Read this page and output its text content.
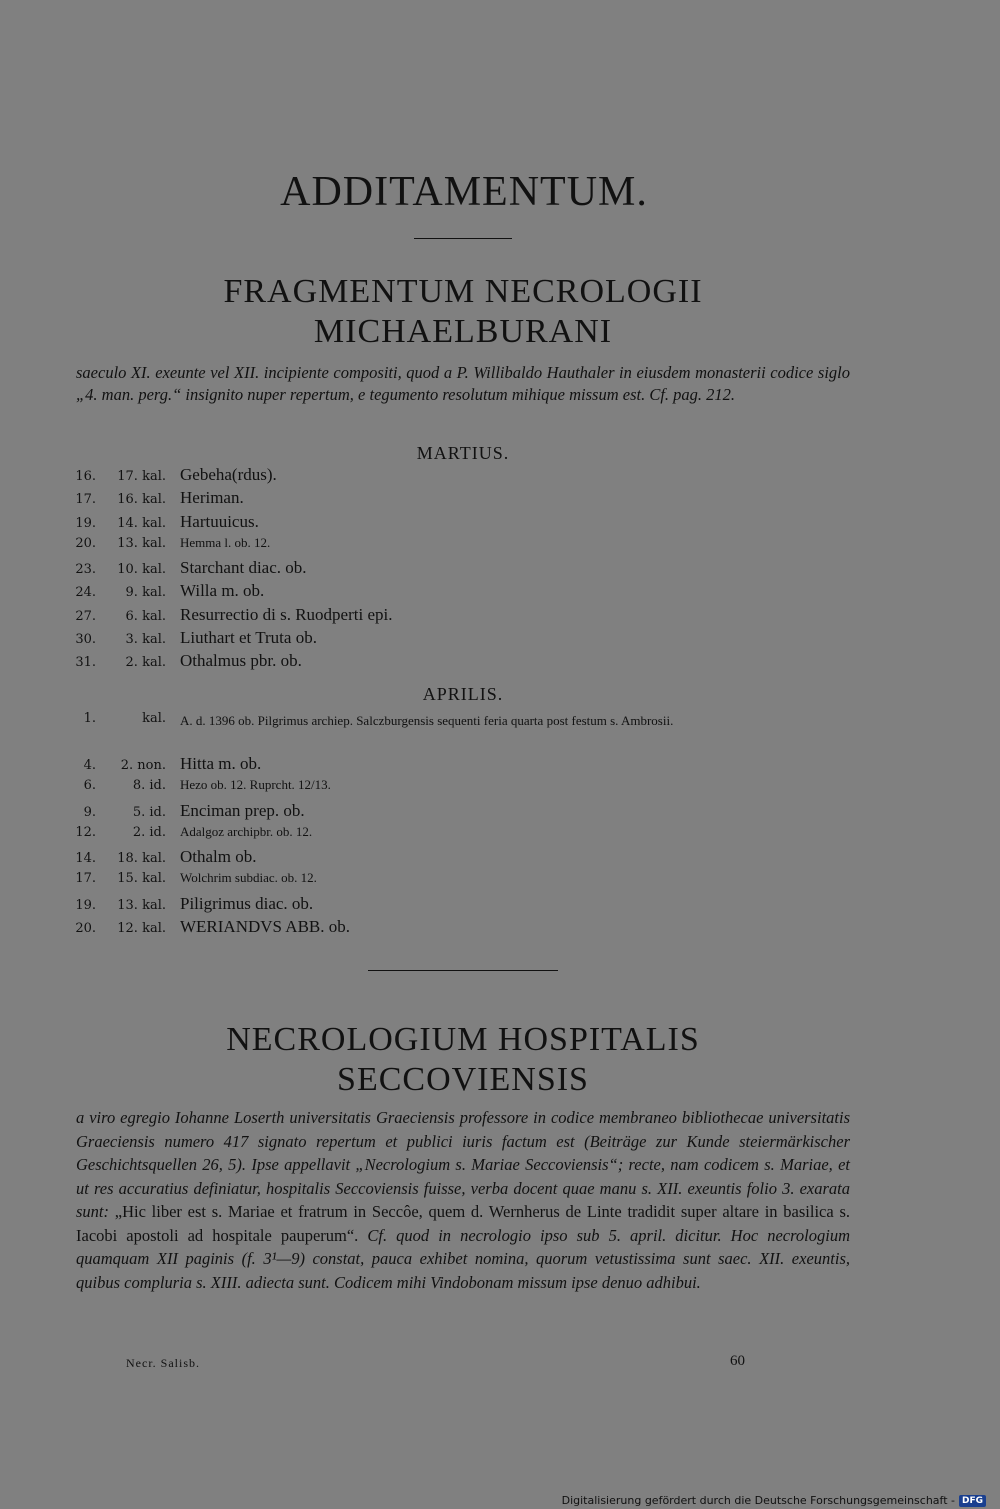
ADDITAMENTUM.
FRAGMENTUM NECROLOGII
MICHAELBURANI
saeculo XI. exeunte vel XII. incipiente compositi, quod a P. Willibaldo Hauthaler in eiusdem monasterii codice siglo „4. man. perg.“ insignito nuper repertum, e tegumento resolutum mihique missum est. Cf. pag. 212.
MARTIUS.
16.	17. kal. Gebeha(rdus).
17.	16. kal. Heriman.
19.	14. kal. Hartuuicus.
20.	13. kal.	Hemma l. ob. 12.
23.	10. kal. Starchant diac. ob.
24.	9. kal. Willa m. ob.
27.	6. kal. Resurrectio di s. Ruodperti epi.
30.	3. kal. Liuthart et Truta ob.
31.	2. kal. Othalmus pbr. ob.
APRILIS.
1.	kal.	A. d. 1396 ob. Pilgrimus archiep. Salczburgensis sequenti feria quarta post festum s. Ambrosii.
4.	2. non. Hitta m. ob.
6.	8. id.	Hezo ob. 12. Ruprcht. 12/13.
9.	5. id. Enciman prep. ob.
12.	2. id.	Adalgoz archipbr. ob. 12.
14.	18. kal. Othalm ob.
17.	15. kal.	Wolchrim subdiac. ob. 12.
19.	13. kal. Piligrimus diac. ob.
20.	12. kal. WERIANDVS ABB. ob.
NECROLOGIUM HOSPITALIS
SECCOVIENSIS
a viro egregio Iohanne Loserth universitatis Graeciensis professore in codice membraneo bibliothecae universitatis Graeciensis numero 417 signato repertum et publici iuris factum est (Beiträge zur Kunde steiermärkischer Geschichtsquellen 26, 5). Ipse appellavit „Necrologium s. Mariae Seccoviensis“; recte, nam codicem s. Mariae, et ut res accuratius definiatur, hospitalis Seccoviensis fuisse, verba docent quae manu s. XII. exeuntis folio 3. exarata sunt: „Hic liber est s. Mariae et fratrum in Seccôe, quem d. Wernherus de Linte tradidit super altare in basilica s. Iacobi apostoli ad hospitale pauperum“. Cf. quod in necrologio ipso sub 5. april. dicitur. Hoc necrologium quamquam XII paginis (f. 3¹—9) constat, pauca exhibet nomina, quorum vetustissima sunt saec. XII. exeuntis, quibus compluria s. XIII. adiecta sunt. Codicem mihi Vindobonam missum ipse denuo adhibui.
Necr. Salisb.	60
Digitalisierung gefördert durch die Deutsche Forschungsgemeinschaft - DFG
